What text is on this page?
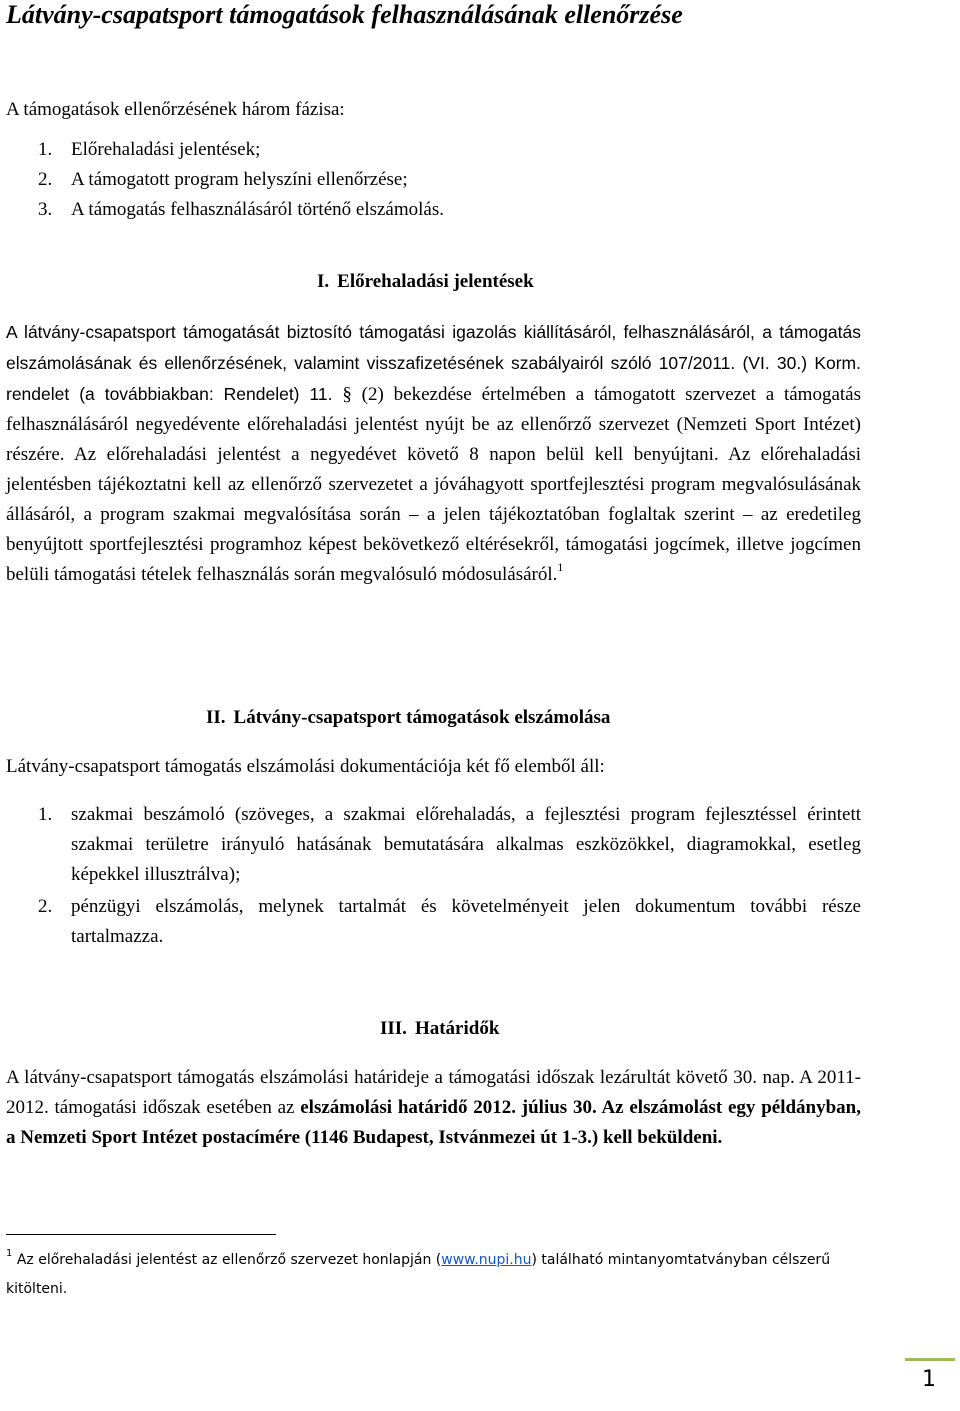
Látvány-csapatsport támogatások felhasználásának ellenőrzése

A támogatások ellenőrzésének három fázisa:

1. Előrehaladási jelentések;
2. A támogatott program helyszíni ellenőrzése;
3. A támogatás felhasználásáról történő elszámolás.
I. Előrehaladási jelentések

A látvány-csapatsport támogatását biztosító támogatási igazolás kiállításáról, felhasználásáról, a támogatás elszámolásának és ellenőrzésének, valamint visszafizetésének szabályairól szóló 107/2011. (VI. 30.) Korm. rendelet (a továbbiakban: Rendelet) 11. § (2) bekezdése értelmében a támogatott szervezet a támogatás felhasználásáról negyedévente előrehaladási jelentést nyújt be az ellenőrző szervezet (Nemzeti Sport Intézet) részére. Az előrehaladási jelentést a negyedévet követő 8 napon belül kell benyújtani. Az előrehaladási jelentésben tájékoztatni kell az ellenőrző szervezetet a jóváhagyott sportfejlesztési program megvalósulásának állásáról, a program szakmai megvalósítása során – a jelen tájékoztatóban foglaltak szerint – az eredetileg benyújtott sportfejlesztési programhoz képest bekövetkező eltérésekről, támogatási jogcímek, illetve jogcímen belüli támogatási tételek felhasználás során megvalósuló módosulásáról.$^1$

II. Látvány-csapatsport támogatások elszámolása

Látvány-csapatsport támogatás elszámolási dokumentációja két fő elemből áll:

1. szakmai beszámoló (szöveges, a szakmai előrehaladás, a fejlesztési program fejlesztéssel érintett szakmai területre irányuló hatásának bemutatására alkalmas eszközökkel, diagramokkal, esetleg képekkel illusztrálva);
2. pénzügyi elszámolás, melynek tartalmát és követelményeit jelen dokumentum további része tartalmazza.
III. Határidők

A látvány-csapatsport támogatás elszámolási határideje a támogatási időszak lezárultát követő 30. nap. A 2011-2012. támogatási időszak esetében az elszámolási határidő 2012. július 30. Az elszámolást egy példányban, a Nemzeti Sport Intézet postacímére (1146 Budapest, Istvánmezei út 1-3.) kell beküldeni.

$^1$ Az előrehaladási jelentést az ellenőrző szervezet honlapján (www.nupi.hu) található mintanyomtatványban célszerű kitölteni.

1
